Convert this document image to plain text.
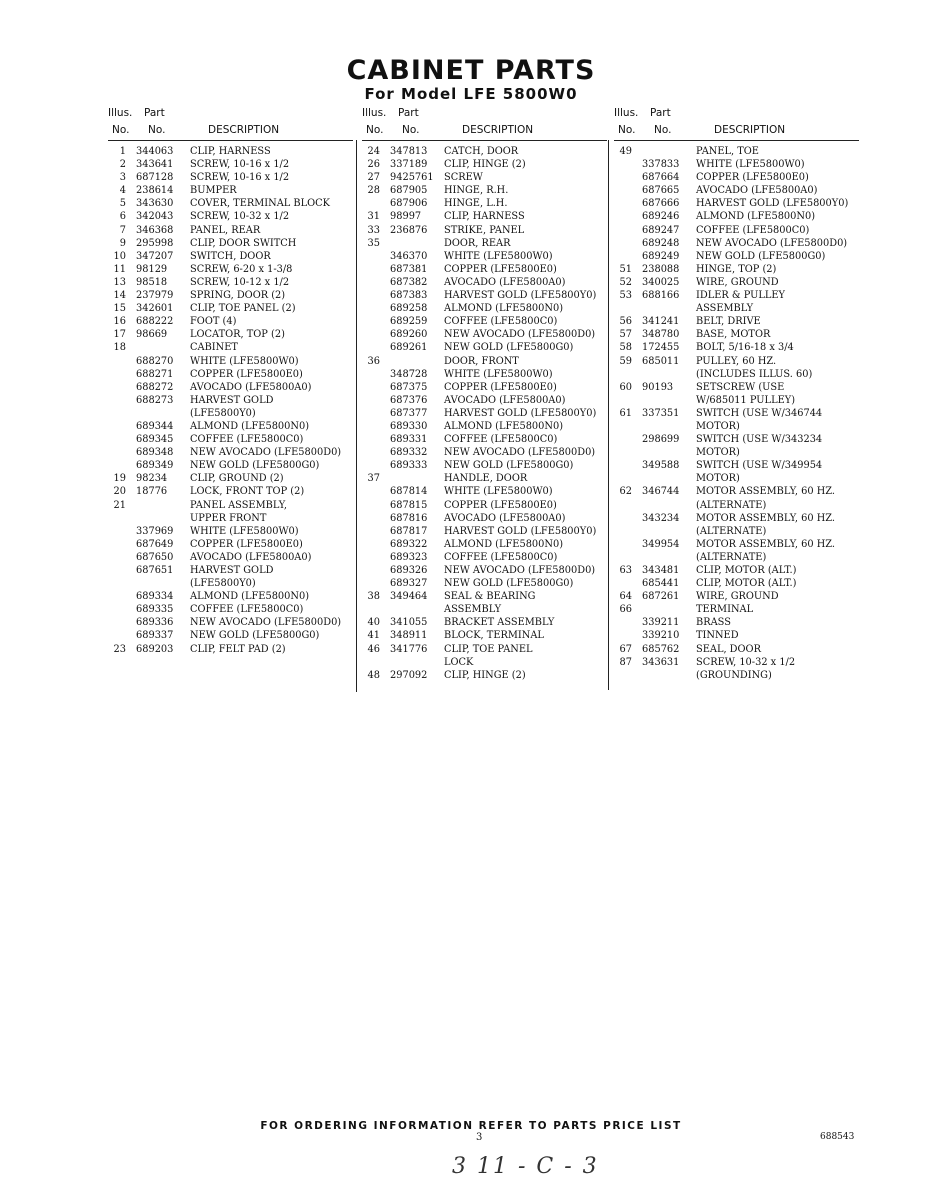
CABINET PARTS
For Model LFE 5800W0
Illus. Part
No. No.	DESCRIPTION
1 344063 CLIP, HARNESS
2 343641 SCREW, 10-16 x 1/2
3 687128 SCREW, 10-16 x 1/2
4 238614 BUMPER
5 343630 COVER, TERMINAL BLOCK
6 342043 SCREW, 10-32 x 1/2
7 346368 PANEL, REAR
9 295998 CLIP, DOOR SWITCH
10 347207 SWITCH, DOOR
11 98129 SCREW, 6-20 x 1-3/8
13 98518 SCREW, 10-12 x 1/2
14 237979 SPRING, DOOR (2)
15 342601 CLIP, TOE PANEL (2)
16 688222 FOOT (4)
17 98669 LOCATOR, TOP (2)
18	CABINET
688270 WHITE (LFE5800W0)
688271 COPPER (LFE5800E0)
688272 AVOCADO (LFE5800A0)
688273 HARVEST GOLD
(LFE5800Y0)
689344 ALMOND (LFE5800N0)
689345 COFFEE (LFE5800C0)
689348 NEW AVOCADO (LFE5800D0)
689349 NEW GOLD (LFE5800G0)
19 98234 CLIP, GROUND (2)
20 18776 LOCK, FRONT TOP (2)
21	PANEL ASSEMBLY,
UPPER FRONT
337969 WHITE (LFE5800W0)
687649 COPPER (LFE5800E0)
687650 AVOCADO (LFE5800A0)
687651 HARVEST GOLD
(LFE5800Y0)
689334 ALMOND (LFE5800N0)
689335 COFFEE (LFE5800C0)
689336 NEW AVOCADO (LFE5800D0)
689337 NEW GOLD (LFE5800G0)
23 689203 CLIP, FELT PAD (2)
Illus. Part
No. No.	DESCRIPTION
24 347813 CATCH, DOOR
26 337189 CLIP, HINGE (2)
27 9425761 SCREW
28 687905 HINGE, R.H.
687906 HINGE, L.H.
31 98997 CLIP, HARNESS
33 236876 STRIKE, PANEL
35	DOOR, REAR
346370 WHITE (LFE5800W0)
687381 COPPER (LFE5800E0)
687382 AVOCADO (LFE5800A0)
687383 HARVEST GOLD (LFE5800Y0)
689258 ALMOND (LFE5800N0)
689259 COFFEE (LFE5800C0)
689260 NEW AVOCADO (LFE5800D0)
689261 NEW GOLD (LFE5800G0)
36	DOOR, FRONT
348728 WHITE (LFE5800W0)
687375 COPPER (LFE5800E0)
687376 AVOCADO (LFE5800A0)
687377 HARVEST GOLD (LFE5800Y0)
689330 ALMOND (LFE5800N0)
689331 COFFEE (LFE5800C0)
689332 NEW AVOCADO (LFE5800D0)
689333 NEW GOLD (LFE5800G0)
37	HANDLE, DOOR
687814 WHITE (LFE5800W0)
687815 COPPER (LFE5800E0)
687816 AVOCADO (LFE5800A0)
687817 HARVEST GOLD (LFE5800Y0)
689322 ALMOND (LFE5800N0)
689323 COFFEE (LFE5800C0)
689326 NEW AVOCADO (LFE5800D0)
689327 NEW GOLD (LFE5800G0)
38 349464 SEAL & BEARING
ASSEMBLY
40 341055 BRACKET ASSEMBLY
41 348911 BLOCK, TERMINAL
46 341776 CLIP, TOE PANEL
LOCK
48 297092 CLIP, HINGE (2)
Illus. Part
No. No.	DESCRIPTION
49	PANEL, TOE
337833 WHITE (LFE5800W0)
687664 COPPER (LFE5800E0)
687665 AVOCADO (LFE5800A0)
687666 HARVEST GOLD (LFE5800Y0)
689246 ALMOND (LFE5800N0)
689247 COFFEE (LFE5800C0)
689248 NEW AVOCADO (LFE5800D0)
689249 NEW GOLD (LFE5800G0)
51 238088 HINGE, TOP (2)
52 340025 WIRE, GROUND
53 688166 IDLER & PULLEY
ASSEMBLY
56 341241 BELT, DRIVE
57 348780 BASE, MOTOR
58 172455 BOLT, 5/16-18 x 3/4
59 685011 PULLEY, 60 HZ.
(INCLUDES ILLUS. 60)
60 90193 SETSCREW (USE
W/685011 PULLEY)
61 337351 SWITCH (USE W/346744
MOTOR)
298699 SWITCH (USE W/343234
MOTOR)
349588 SWITCH (USE W/349954
MOTOR)
62 346744 MOTOR ASSEMBLY, 60 HZ.
(ALTERNATE)
343234 MOTOR ASSEMBLY, 60 HZ.
(ALTERNATE)
349954 MOTOR ASSEMBLY, 60 HZ.
(ALTERNATE)
63 343481 CLIP, MOTOR (ALT.)
685441 CLIP, MOTOR (ALT.)
64 687261 WIRE, GROUND
66	TERMINAL
339211 BRASS
339210 TINNED
67 685762 SEAL, DOOR
87 343631 SCREW, 10-32 x 1/2
(GROUNDING)
FOR ORDERING INFORMATION REFER TO PARTS PRICE LIST
3	688543
3 11 - C - 3
